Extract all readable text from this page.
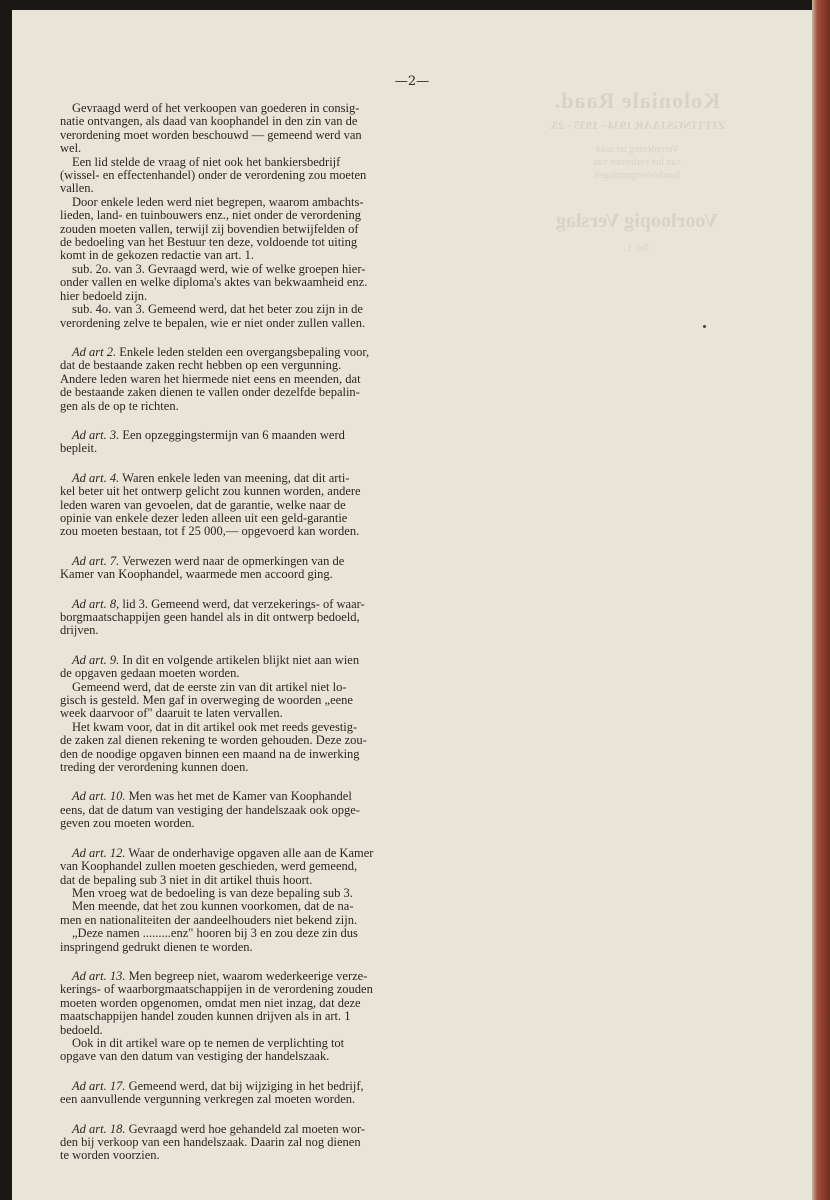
—2—
Koloniale Raad.
ZITTINGSJAAR 1934 - 1935 - 25.
Verordening ter zake
van het verleenen van
handelsvergunningen
Voorloopig Verslag
No. 1.
Gevraagd werd of het verkoopen van goederen in consig-
natie ontvangen, als daad van koophandel in den zin van de
verordening moet worden beschouwd — gemeend werd van
wel.
Een lid stelde de vraag of niet ook het bankiersbedrijf
(wissel- en effectenhandel) onder de verordening zou moeten
vallen.
Door enkele leden werd niet begrepen, waarom ambachts-
lieden, land- en tuinbouwers enz., niet onder de verordening
zouden moeten vallen, terwijl zij bovendien betwijfelden of
de bedoeling van het Bestuur ten deze, voldoende tot uiting
komt in de gekozen redactie van art. 1.
sub. 2o. van 3. Gevraagd werd, wie of welke groepen hier-
onder vallen en welke diploma's aktes van bekwaamheid enz.
hier bedoeld zijn.
sub. 4o. van 3. Gemeend werd, dat het beter zou zijn in de
verordening zelve te bepalen, wie er niet onder zullen vallen.
Ad art 2. Enkele leden stelden een overgangsbepaling voor,
dat de bestaande zaken recht hebben op een vergunning.
Andere leden waren het hiermede niet eens en meenden, dat
de bestaande zaken dienen te vallen onder dezelfde bepalin-
gen als de op te richten.
Ad art. 3. Een opzeggingstermijn van 6 maanden werd
bepleit.
Ad art. 4. Waren enkele leden van meening, dat dit arti-
kel beter uit het ontwerp gelicht zou kunnen worden, andere
leden waren van gevoelen, dat de garantie, welke naar de
opinie van enkele dezer leden alleen uit een geld-garantie
zou moeten bestaan, tot f 25 000,— opgevoerd kan worden.
Ad art. 7. Verwezen werd naar de opmerkingen van de
Kamer van Koophandel, waarmede men accoord ging.
Ad art. 8, lid 3. Gemeend werd, dat verzekerings- of waar-
borgmaatschappijen geen handel als in dit ontwerp bedoeld,
drijven.
Ad art. 9. In dit en volgende artikelen blijkt niet aan wien
de opgaven gedaan moeten worden.
Gemeend werd, dat de eerste zin van dit artikel niet lo-
gisch is gesteld. Men gaf in overweging de woorden „eene
week daarvoor of" daaruit te laten vervallen.
Het kwam voor, dat in dit artikel ook met reeds gevestig-
de zaken zal dienen rekening te worden gehouden. Deze zou-
den de noodige opgaven binnen een maand na de inwerking
treding der verordening kunnen doen.
Ad art. 10. Men was het met de Kamer van Koophandel
eens, dat de datum van vestiging der handelszaak ook opge-
geven zou moeten worden.
Ad art. 12. Waar de onderhavige opgaven alle aan de Kamer
van Koophandel zullen moeten geschieden, werd gemeend,
dat de bepaling sub 3 niet in dit artikel thuis hoort.
Men vroeg wat de bedoeling is van deze bepaling sub 3.
Men meende, dat het zou kunnen voorkomen, dat de na-
men en nationaliteiten der aandeelhouders niet bekend zijn.
„Deze namen .........enz" hooren bij 3 en zou deze zin dus
inspringend gedrukt dienen te worden.
Ad art. 13. Men begreep niet, waarom wederkeerige verze-
kerings- of waarborgmaatschappijen in de verordening zouden
moeten worden opgenomen, omdat men niet inzag, dat deze
maatschappijen handel zouden kunnen drijven als in art. 1
bedoeld.
Ook in dit artikel ware op te nemen de verplichting tot
opgave van den datum van vestiging der handelszaak.
Ad art. 17. Gemeend werd, dat bij wijziging in het bedrijf,
een aanvullende vergunning verkregen zal moeten worden.
Ad art. 18. Gevraagd werd hoe gehandeld zal moeten wor-
den bij verkoop van een handelszaak. Daarin zal nog dienen
te worden voorzien.
